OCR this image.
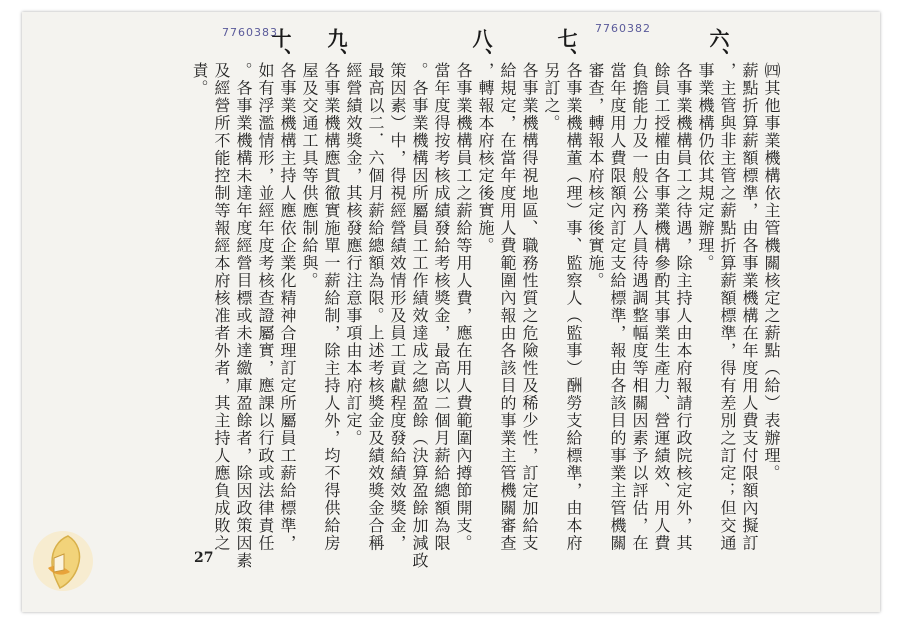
7760383	7760382	六、
七、
八、
九、
十、
㈣其他事業機構依主管機關核定之薪點（給）表辦理。
薪點折算薪額標準，由各事業機構在年度用人費支付限額內擬訂
，主管與非主管之薪點折算薪額標準，得有差別之訂定；但交通
事業機構仍依其規定辦理。
各事業機構員工之待遇，除主持人由本府報請行政院核定外，其
餘員工授權由各事業機構參酌其事業生產力、營運績效、用人費
負擔能力及一般公務人員待遇調整幅度等相關因素予以評估，在
當年度用人費限額內訂定支給標準，報由各該目的事業主管機關
審查，轉報本府核定後實施。
各事業機構董（理）事、監察人（監事）酬勞支給標準，由本府
另訂之。
各事業機構得視地區、職務性質之危險性及稀少性，訂定加給支
給規定，在當年度用人費範圍內報由各該目的事業主管機關審查
，轉報本府核定後實施。
各事業機構員工之薪給等用人費，應在用人費範圍內撙節開支。
當年度得按考核成績發給考核獎金，最高以二個月薪給總額為限
。各事業機構因所屬員工工作績效達成之總盈餘（決算盈餘加減政
策因素）中，得視經營績效情形及員工貢獻程度發給績效獎金，
最高以二．六個月薪給總額為限。上述考核獎金及績效獎金合稱
經營績效獎金，其核發應行注意事項由本府訂定。
各事業機構應貫徹實施單一薪給制，除主持人外，均不得供給房
屋及交通工具等供應制給與。
各事業機構主持人應依企業化精神合理訂定所屬員工薪給標準，
如有浮濫情形，並經年度考核查證屬實，應課以行政或法律責任
。各事業機構未達年度經營目標或未達繳庫盈餘者，除因政策因素
及經營所不能控制等報經本府核准者外者，其主持人應負成敗之
責。
27
